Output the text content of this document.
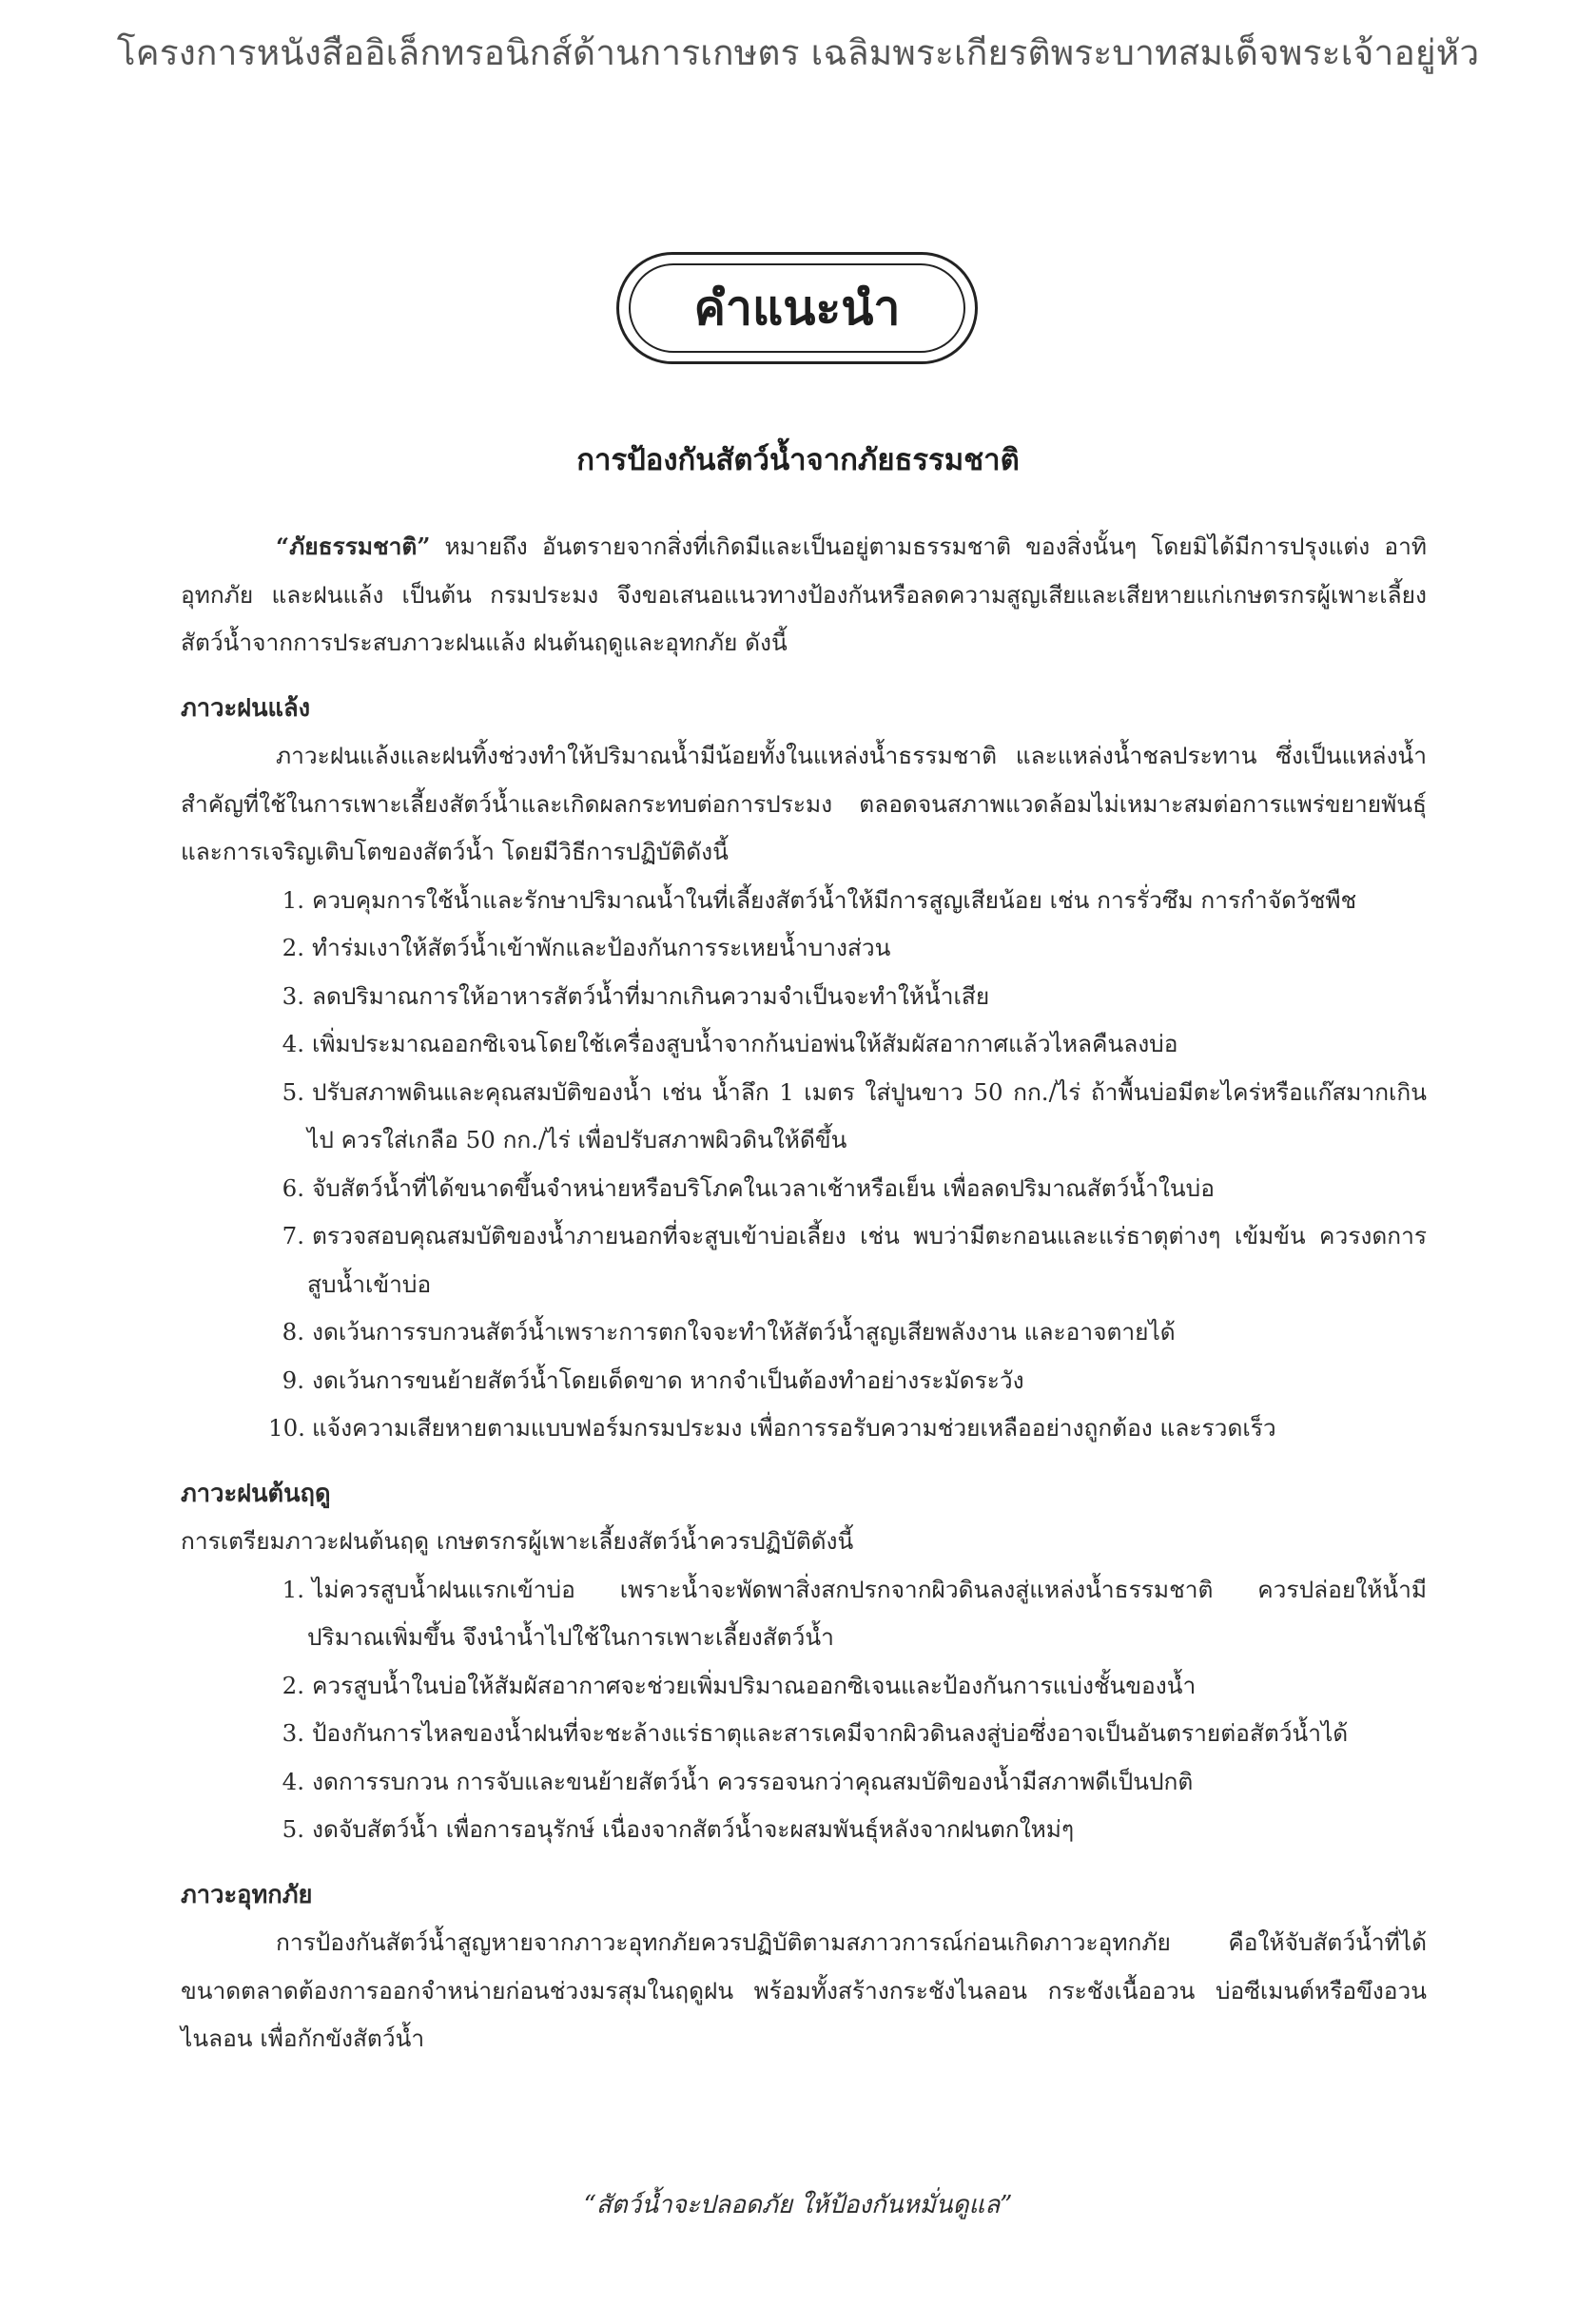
โครงการหนังสืออิเล็กทรอนิกส์ด้านการเกษตร เฉลิมพระเกียรติพระบาทสมเด็จพระเจ้าอยู่หัว
คำแนะนำ
การป้องกันสัตว์น้ำจากภัยธรรมชาติ

“ภัยธรรมชาติ” หมายถึง อันตรายจากสิ่งที่เกิดมีและเป็นอยู่ตามธรรมชาติ ของสิ่งนั้นๆ โดยมิได้มีการปรุงแต่ง อาทิ อุทกภัย และฝนแล้ง เป็นต้น กรมประมง จึงขอเสนอแนวทางป้องกันหรือลดความสูญเสียและเสียหายแก่เกษตรกรผู้เพาะเลี้ยง สัตว์น้ำจากการประสบภาวะฝนแล้ง ฝนต้นฤดูและอุทกภัย ดังนี้

ภาวะฝนแล้ง

ภาวะฝนแล้งและฝนทิ้งช่วงทำให้ปริมาณน้ำมีน้อยทั้งในแหล่งน้ำธรรมชาติ และแหล่งน้ำชลประทาน ซึ่งเป็นแหล่งน้ำสำคัญที่ใช้ในการเพาะเลี้ยงสัตว์น้ำและเกิดผลกระทบต่อการประมง ตลอดจนสภาพแวดล้อมไม่เหมาะสมต่อการแพร่ขยายพันธุ์ และการเจริญเติบโตของสัตว์น้ำ โดยมีวิธีการปฏิบัติดังนี้

1. ควบคุมการใช้น้ำและรักษาปริมาณน้ำในที่เลี้ยงสัตว์น้ำให้มีการสูญเสียน้อย เช่น การรั่วซึม การกำจัดวัชพืช

2. ทำร่มเงาให้สัตว์น้ำเข้าพักและป้องกันการระเหยน้ำบางส่วน

3. ลดปริมาณการให้อาหารสัตว์น้ำที่มากเกินความจำเป็นจะทำให้น้ำเสีย

4. เพิ่มประมาณออกซิเจนโดยใช้เครื่องสูบน้ำจากก้นบ่อพ่นให้สัมผัสอากาศแล้วไหลคืนลงบ่อ

5. ปรับสภาพดินและคุณสมบัติของน้ำ เช่น น้ำลึก 1 เมตร ใส่ปูนขาว 50 กก./ไร่ ถ้าพื้นบ่อมีตะไคร่หรือแก๊สมากเกินไป ควรใส่เกลือ 50 กก./ไร่ เพื่อปรับสภาพผิวดินให้ดีขึ้น

6. จับสัตว์น้ำที่ได้ขนาดขึ้นจำหน่ายหรือบริโภคในเวลาเช้าหรือเย็น เพื่อลดปริมาณสัตว์น้ำในบ่อ

7. ตรวจสอบคุณสมบัติของน้ำภายนอกที่จะสูบเข้าบ่อเลี้ยง เช่น พบว่ามีตะกอนและแร่ธาตุต่างๆ เข้มข้น ควรงดการสูบน้ำเข้าบ่อ

8. งดเว้นการรบกวนสัตว์น้ำเพราะการตกใจจะทำให้สัตว์น้ำสูญเสียพลังงาน และอาจตายได้

9. งดเว้นการขนย้ายสัตว์น้ำโดยเด็ดขาด หากจำเป็นต้องทำอย่างระมัดระวัง

10. แจ้งความเสียหายตามแบบฟอร์มกรมประมง เพื่อการรอรับความช่วยเหลืออย่างถูกต้อง และรวดเร็ว

ภาวะฝนต้นฤดู

การเตรียมภาวะฝนต้นฤดู เกษตรกรผู้เพาะเลี้ยงสัตว์น้ำควรปฏิบัติดังนี้

1. ไม่ควรสูบน้ำฝนแรกเข้าบ่อ เพราะน้ำจะพัดพาสิ่งสกปรกจากผิวดินลงสู่แหล่งน้ำธรรมชาติ ควรปล่อยให้น้ำมีปริมาณเพิ่มขึ้น จึงนำน้ำไปใช้ในการเพาะเลี้ยงสัตว์น้ำ

2. ควรสูบน้ำในบ่อให้สัมผัสอากาศจะช่วยเพิ่มปริมาณออกซิเจนและป้องกันการแบ่งชั้นของน้ำ

3. ป้องกันการไหลของน้ำฝนที่จะชะล้างแร่ธาตุและสารเคมีจากผิวดินลงสู่บ่อซึ่งอาจเป็นอันตรายต่อสัตว์น้ำได้

4. งดการรบกวน การจับและขนย้ายสัตว์น้ำ ควรรอจนกว่าคุณสมบัติของน้ำมีสภาพดีเป็นปกติ

5. งดจับสัตว์น้ำ เพื่อการอนุรักษ์ เนื่องจากสัตว์น้ำจะผสมพันธุ์หลังจากฝนตกใหม่ๆ

ภาวะอุทกภัย

การป้องกันสัตว์น้ำสูญหายจากภาวะอุทกภัยควรปฏิบัติตามสภาวการณ์ก่อนเกิดภาวะอุทกภัย คือให้จับสัตว์น้ำที่ได้ขนาดตลาดต้องการออกจำหน่ายก่อนช่วงมรสุมในฤดูฝน พร้อมทั้งสร้างกระชังไนลอน กระชังเนื้ออวน บ่อซีเมนต์หรือขึงอวนไนลอน เพื่อกักขังสัตว์น้ำ

“สัตว์น้ำจะปลอดภัย ให้ป้องกันหมั่นดูแล”
